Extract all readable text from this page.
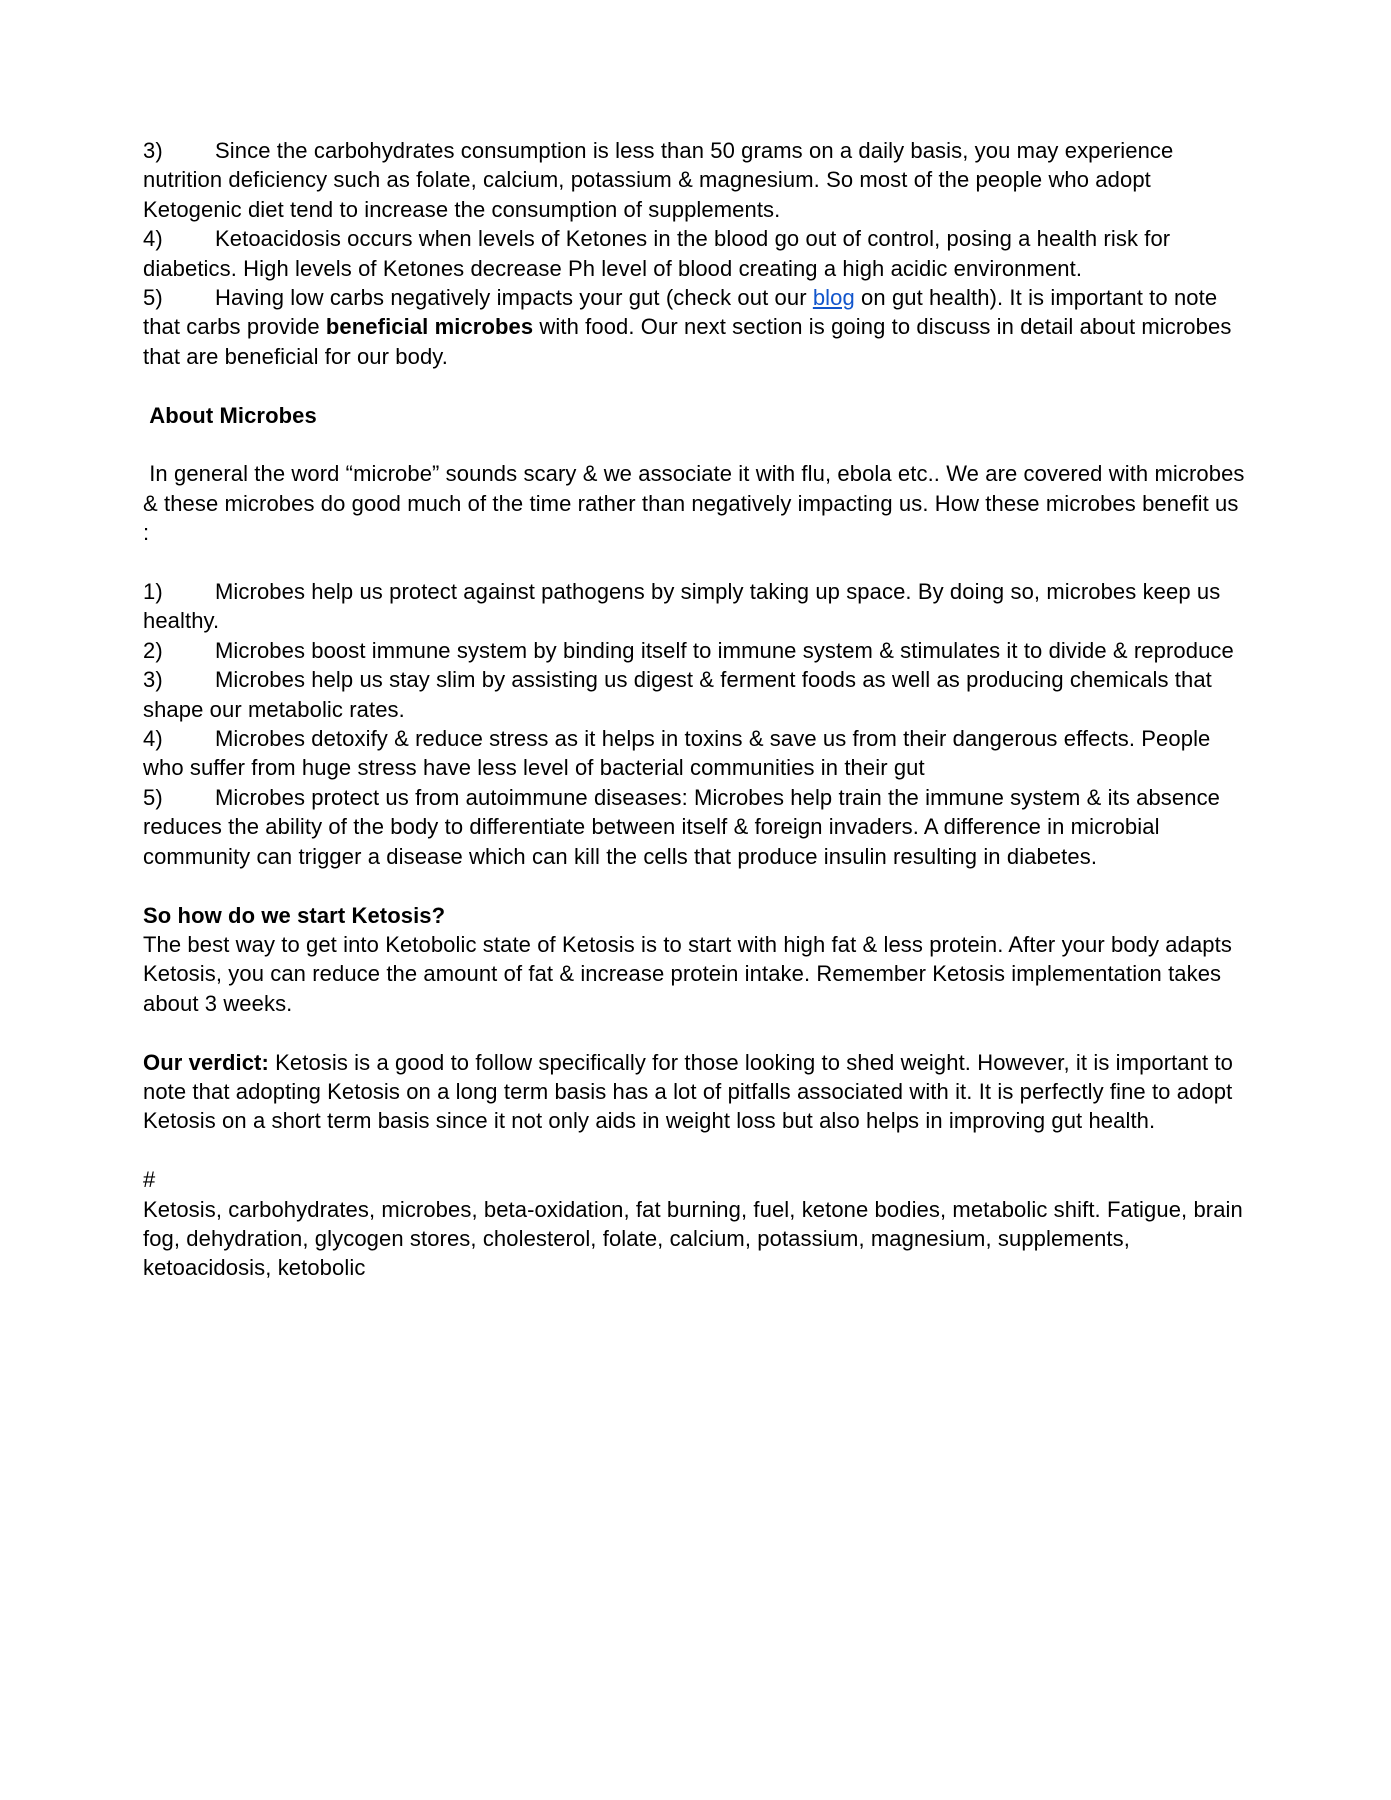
3) Since the carbohydrates consumption is less than 50 grams on a daily basis, you may experience nutrition deficiency such as folate, calcium, potassium & magnesium. So most of the people who adopt Ketogenic diet tend to increase the consumption of supplements.

4) Ketoacidosis occurs when levels of Ketones in the blood go out of control, posing a health risk for diabetics. High levels of Ketones decrease Ph level of blood creating a high acidic environment.

5) Having low carbs negatively impacts your gut (check out our blog on gut health). It is important to note that carbs provide beneficial microbes with food. Our next section is going to discuss in detail about microbes that are beneficial for our body.

About Microbes

In general the word “microbe” sounds scary & we associate it with flu, ebola etc.. We are covered with microbes & these microbes do good much of the time rather than negatively impacting us. How these microbes benefit us :

1) Microbes help us protect against pathogens by simply taking up space. By doing so, microbes keep us healthy.

2) Microbes boost immune system by binding itself to immune system & stimulates it to divide & reproduce

3) Microbes help us stay slim by assisting us digest & ferment foods as well as producing chemicals that shape our metabolic rates.

4) Microbes detoxify & reduce stress as it helps in toxins & save us from their dangerous effects. People who suffer from huge stress have less level of bacterial communities in their gut

5) Microbes protect us from autoimmune diseases: Microbes help train the immune system & its absence reduces the ability of the body to differentiate between itself & foreign invaders. A difference in microbial community can trigger a disease which can kill the cells that produce insulin resulting in diabetes.

So how do we start Ketosis?

The best way to get into Ketobolic state of Ketosis is to start with high fat & less protein. After your body adapts Ketosis, you can reduce the amount of fat & increase protein intake. Remember Ketosis implementation takes about 3 weeks.

Our verdict: Ketosis is a good to follow specifically for those looking to shed weight. However, it is important to note that adopting Ketosis on a long term basis has a lot of pitfalls associated with it. It is perfectly fine to adopt Ketosis on a short term basis since it not only aids in weight loss but also helps in improving gut health.

#

Ketosis, carbohydrates, microbes, beta-oxidation, fat burning, fuel, ketone bodies, metabolic shift. Fatigue, brain fog, dehydration, glycogen stores, cholesterol, folate, calcium, potassium, magnesium, supplements, ketoacidosis, ketobolic
